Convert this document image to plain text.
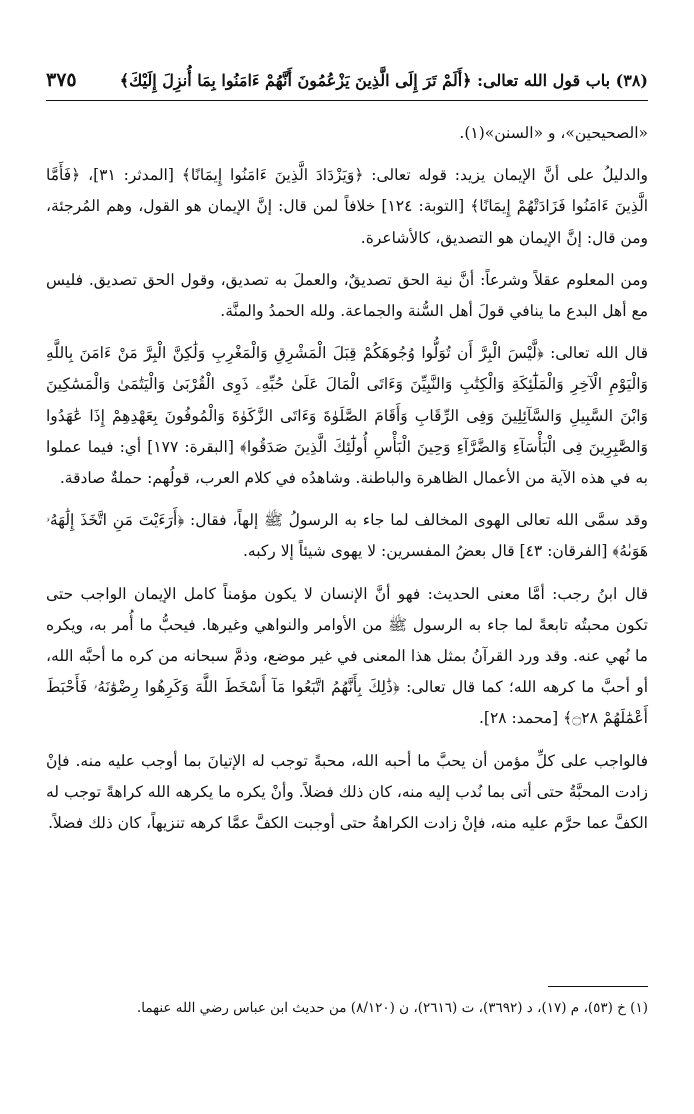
(٣٨) باب قول الله تعالى: ﴿أَلَمْ تَرَ إِلَى الَّذِينَ يَزْعُمُونَ أَنَّهُمْ ءَامَنُوا بِمَا أُنزِلَ إِلَيْكَ﴾
٣٧٥

«الصحيحين»، و «السنن»(١).

والدليلُ على أنَّ الإيمان يزيد: قوله تعالى: ﴿وَيَزْدَادَ الَّذِينَ ءَامَنُوا إِيمَانًا﴾ [المدثر: ٣١]، ﴿فَأَمَّا الَّذِينَ ءَامَنُوا فَزَادَتْهُمْ إِيمَانًا﴾ [التوبة: ١٢٤] خلافاً لمن قال: إنَّ الإيمان هو القول، وهم المُرجئة، ومن قال: إنَّ الإيمان هو التصديق، كالأشاعرة.

ومن المعلوم عقلاً وشرعاً: أنَّ نية الحق تصديقٌ، والعملَ به تصديق، وقول الحق تصديق. فليس مع أهل البدع ما ينافي قولَ أهل السُّنة والجماعة. ولله الحمدُ والمنَّة.

قال الله تعالى: ﴿لَّيْسَ الْبِرَّ أَن تُوَلُّوا وُجُوهَكُمْ قِبَلَ الْمَشْرِقِ وَالْمَغْرِبِ وَلَٰكِنَّ الْبِرَّ مَنْ ءَامَنَ بِاللَّهِ وَالْيَوْمِ الْآخِرِ وَالْمَلَٰٓئِكَةِ وَالْكِتَٰبِ وَالنَّبِيِّنَ وَءَاتَى الْمَالَ عَلَىٰ حُبِّهِۦ ذَوِى الْقُرْبَىٰ وَالْيَتَٰمَىٰ وَالْمَسَٰكِينَ وَابْنَ السَّبِيلِ وَالسَّآئِلِينَ وَفِى الرِّقَابِ وَأَقَامَ الصَّلَوٰةَ وَءَاتَى الزَّكَوٰةَ وَالْمُوفُونَ بِعَهْدِهِمْ إِذَا عَٰهَدُوا وَالصَّٰبِرِينَ فِى الْبَأْسَآءِ وَالضَّرَّآءِ وَحِينَ الْبَأْسِ أُولَٰٓئِكَ الَّذِينَ صَدَقُوا﴾ [البقرة: ١٧٧] أي: فيما عملوا به في هذه الآية من الأعمال الظاهرة والباطنة. وشاهدُه في كلام العرب، قولُهم: حملةٌ صادقة.

وقد سمَّى الله تعالى الهوى المخالف لما جاء به الرسولُ ﷺ إلهاً، فقال: ﴿أَرَءَيْتَ مَنِ اتَّخَذَ إِلَٰهَهُۥ هَوَىٰهُ﴾ [الفرقان: ٤٣] قال بعضُ المفسرين: لا يهوى شيئاً إلا ركبه.

قال ابنُ رجب: أمَّا معنى الحديث: فهو أنَّ الإنسان لا يكون مؤمناً كامل الإيمان الواجب حتى تكون محبتُه تابعةً لما جاء به الرسول ﷺ من الأوامر والنواهي وغيرها. فيحبُّ ما أُمر به، ويكره ما نُهي عنه. وقد ورد القرآنُ بمثل هذا المعنى في غير موضع، وذمَّ سبحانه من كره ما أحبَّه الله، أو أحبَّ ما كرهه الله؛ كما قال تعالى: ﴿ذَٰلِكَ بِأَنَّهُمُ اتَّبَعُوا مَآ أَسْخَطَ اللَّهَ وَكَرِهُوا رِضْوَٰنَهُۥ فَأَحْبَطَ أَعْمَٰلَهُمْ ۝٢٨﴾ [محمد: ٢٨].

فالواجب على كلِّ مؤمن أن يحبَّ ما أحبه الله، محبةً توجب له الإتيانَ بما أوجب عليه منه. فإنْ زادت المحبَّةُ حتى أتى بما نُدب إليه منه، كان ذلك فضلاً. وأنْ يكره ما يكرهه الله كراهةً توجب له الكفَّ عما حرَّم عليه منه، فإنْ زادت الكراهةُ حتى أوجبت الكفَّ عمَّا كرهه تنزيهاً، كان ذلك فضلاً.

(١) خ (٥٣)، م (١٧)، د (٣٦٩٢)، ت (٢٦١٦)، ن (٨/١٢٠) من حديث ابن عباس رضي الله عنهما.
